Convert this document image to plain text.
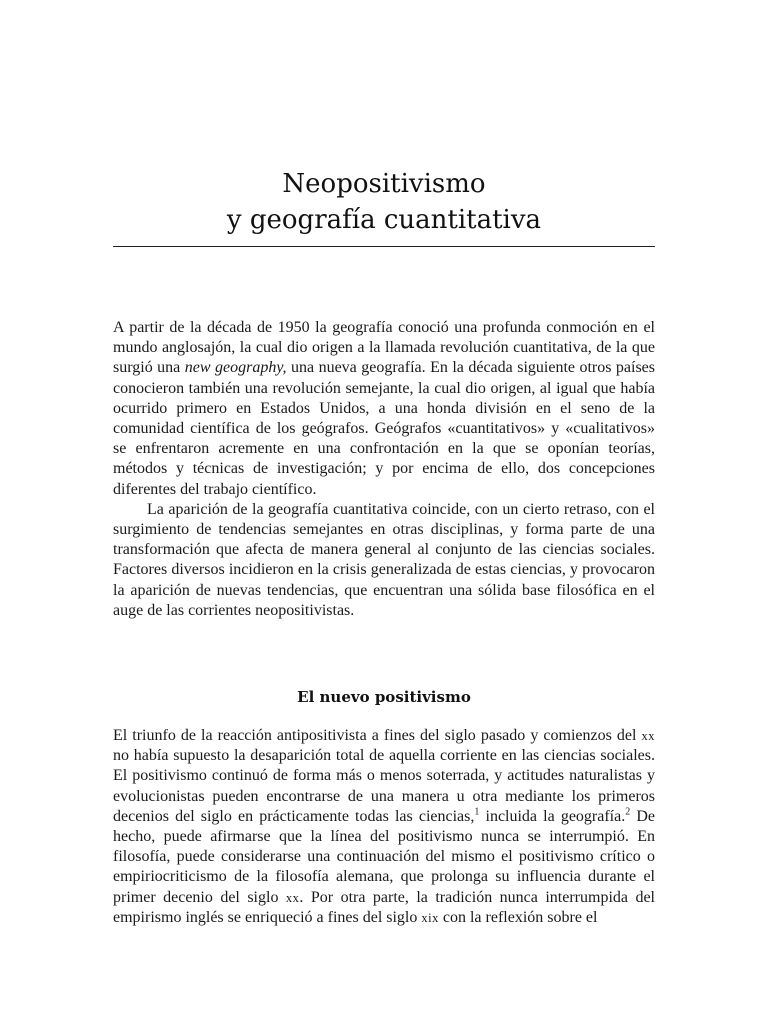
Neopositivismo
y geografía cuantitativa

A partir de la década de 1950 la geografía conoció una profunda conmoción en el mundo anglosajón, la cual dio origen a la llamada revolución cuantitativa, de la que surgió una new geography, una nueva geografía. En la década siguiente otros países conocieron también una revolución semejante, la cual dio origen, al igual que había ocurrido primero en Estados Unidos, a una honda división en el seno de la comunidad científica de los geógrafos. Geógrafos «cuantitativos» y «cualitativos» se enfrentaron acremente en una confrontación en la que se oponían teorías, métodos y técnicas de investigación; y por encima de ello, dos concepciones diferentes del trabajo científico.

La aparición de la geografía cuantitativa coincide, con un cierto retraso, con el surgimiento de tendencias semejantes en otras disciplinas, y forma parte de una transformación que afecta de manera general al conjunto de las ciencias sociales. Factores diversos incidieron en la crisis generalizada de estas ciencias, y provocaron la aparición de nuevas tendencias, que encuentran una sólida base filosófica en el auge de las corrientes neopositivistas.

El nuevo positivismo

El triunfo de la reacción antipositivista a fines del siglo pasado y comienzos del xx no había supuesto la desaparición total de aquella corriente en las ciencias sociales. El positivismo continuó de forma más o menos soterrada, y actitudes naturalistas y evolucionistas pueden encontrarse de una manera u otra mediante los primeros decenios del siglo en prácticamente todas las ciencias,$^1$ incluida la geografía.$^2$ De hecho, puede afirmarse que la línea del positivismo nunca se interrumpió. En filosofía, puede considerarse una continuación del mismo el positivismo crítico o empiriocriticismo de la filosofía alemana, que prolonga su influencia durante el primer decenio del siglo xx. Por otra parte, la tradición nunca interrumpida del empirismo inglés se enriqueció a fines del siglo xix con la reflexión sobre el
